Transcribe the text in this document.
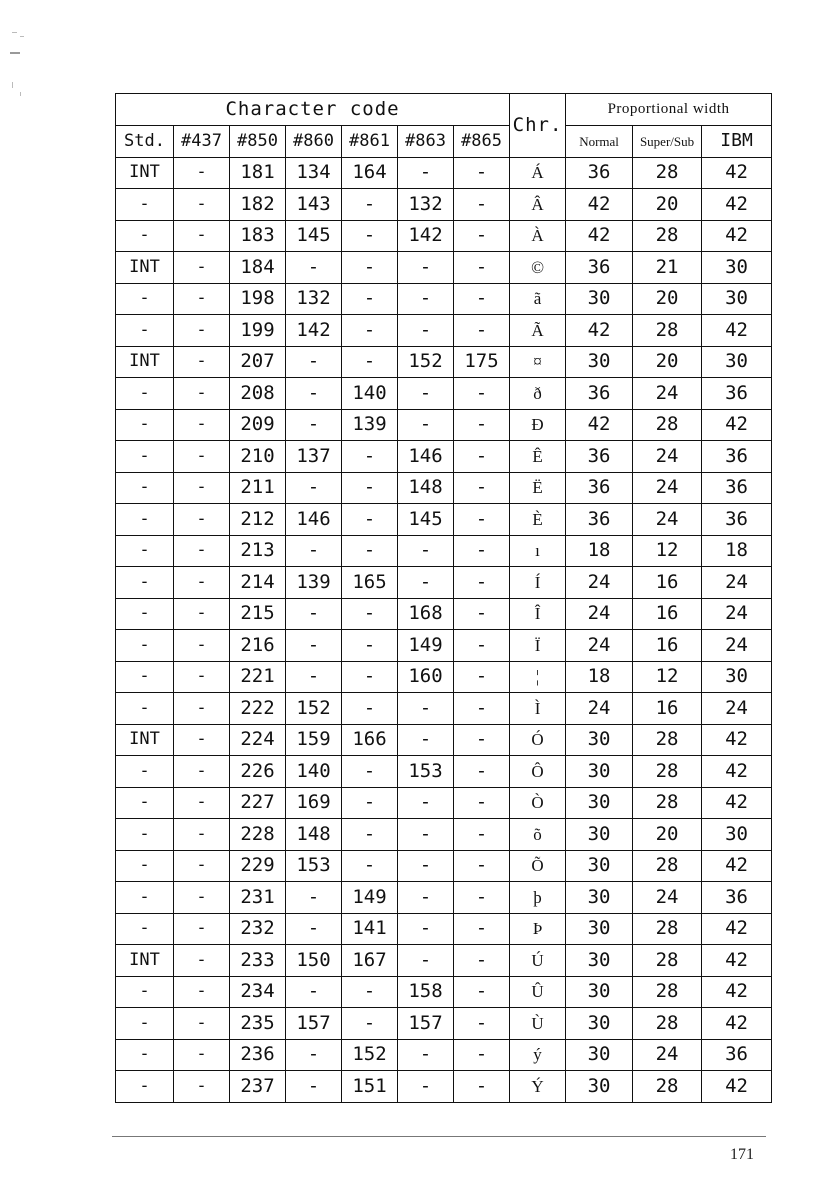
Character code							Chr.	Proportional width		
Std.	#437	#850	#860	#861	#863	#865		Normal	Super/Sub	IBM
INT	-	181	134	164	-	-	Á	36	28	42
-	-	182	143	-	132	-	Â	42	20	42
-	-	183	145	-	142	-	À	42	28	42
INT	-	184	-	-	-	-	©	36	21	30
-	-	198	132	-	-	-	ã	30	20	30
-	-	199	142	-	-	-	Ã	42	28	42
INT	-	207	-	-	152	175	¤	30	20	30
-	-	208	-	140	-	-	ð	36	24	36
-	-	209	-	139	-	-	Ð	42	28	42
-	-	210	137	-	146	-	Ê	36	24	36
-	-	211	-	-	148	-	Ë	36	24	36
-	-	212	146	-	145	-	È	36	24	36
-	-	213	-	-	-	-	ı	18	12	18
-	-	214	139	165	-	-	Í	24	16	24
-	-	215	-	-	168	-	Î	24	16	24
-	-	216	-	-	149	-	Ï	24	16	24
-	-	221	-	-	160	-	¦	18	12	30
-	-	222	152	-	-	-	Ì	24	16	24
INT	-	224	159	166	-	-	Ó	30	28	42
-	-	226	140	-	153	-	Ô	30	28	42
-	-	227	169	-	-	-	Ò	30	28	42
-	-	228	148	-	-	-	õ	30	20	30
-	-	229	153	-	-	-	Õ	30	28	42
-	-	231	-	149	-	-	þ	30	24	36
-	-	232	-	141	-	-	Þ	30	28	42
INT	-	233	150	167	-	-	Ú	30	28	42
-	-	234	-	-	158	-	Û	30	28	42
-	-	235	157	-	157	-	Ù	30	28	42
-	-	236	-	152	-	-	ý	30	24	36
-	-	237	-	151	-	-	Ý	30	28	42
171
